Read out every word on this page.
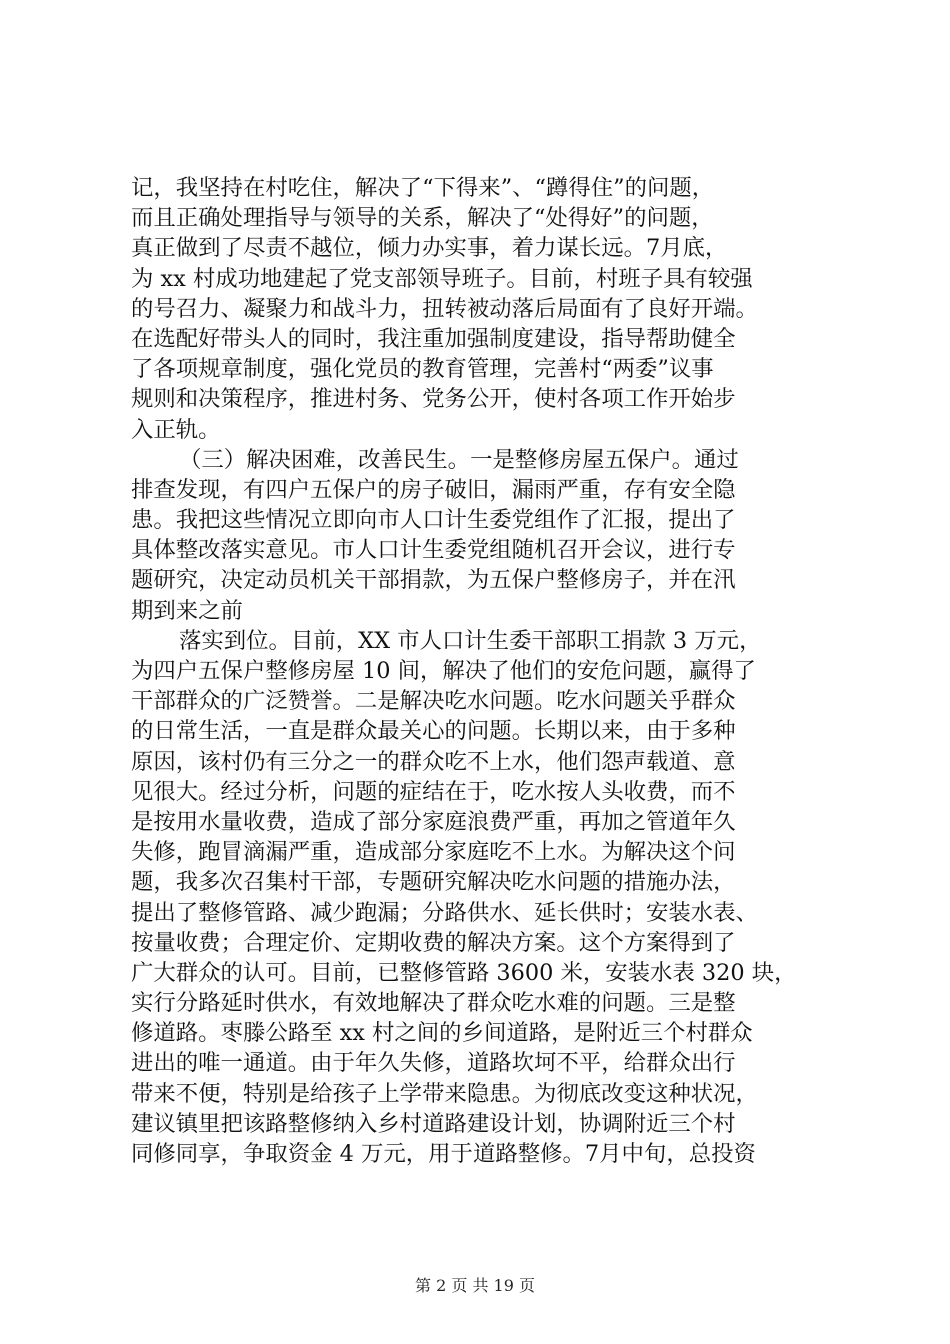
记，我坚持在村吃住，解决了“下得来”、“蹲得住”的问题，
而且正确处理指导与领导的关系，解决了“处得好”的问题，
真正做到了尽责不越位，倾力办实事，着力谋长远。7月底，
为 xx 村成功地建起了党支部领导班子。目前，村班子具有较强
的号召力、凝聚力和战斗力，扭转被动落后局面有了良好开端。
在选配好带头人的同时，我注重加强制度建设，指导帮助健全
了各项规章制度，强化党员的教育管理，完善村“两委”议事
规则和决策程序，推进村务、党务公开，使村各项工作开始步
入正轨。
（三）解决困难，改善民生。一是整修房屋五保户。通过
排查发现，有四户五保户的房子破旧，漏雨严重，存有安全隐
患。我把这些情况立即向市人口计生委党组作了汇报，提出了
具体整改落实意见。市人口计生委党组随机召开会议，进行专
题研究，决定动员机关干部捐款，为五保户整修房子，并在汛
期到来之前
落实到位。目前，XX 市人口计生委干部职工捐款 3 万元，
为四户五保户整修房屋 10 间，解决了他们的安危问题，赢得了
干部群众的广泛赞誉。二是解决吃水问题。吃水问题关乎群众
的日常生活，一直是群众最关心的问题。长期以来，由于多种
原因，该村仍有三分之一的群众吃不上水，他们怨声载道、意
见很大。经过分析，问题的症结在于，吃水按人头收费，而不
是按用水量收费，造成了部分家庭浪费严重，再加之管道年久
失修，跑冒滴漏严重，造成部分家庭吃不上水。为解决这个问
题，我多次召集村干部，专题研究解决吃水问题的措施办法，
提出了整修管路、减少跑漏；分路供水、延长供时；安装水表、
按量收费；合理定价、定期收费的解决方案。这个方案得到了
广大群众的认可。目前，已整修管路 3600 米，安装水表 320 块，
实行分路延时供水，有效地解决了群众吃水难的问题。三是整
修道路。枣滕公路至 xx 村之间的乡间道路，是附近三个村群众
进出的唯一通道。由于年久失修，道路坎坷不平，给群众出行
带来不便，特别是给孩子上学带来隐患。为彻底改变这种状况，
建议镇里把该路整修纳入乡村道路建设计划，协调附近三个村
同修同享，争取资金 4 万元，用于道路整修。7月中旬，总投资
第 2 页 共 19 页
